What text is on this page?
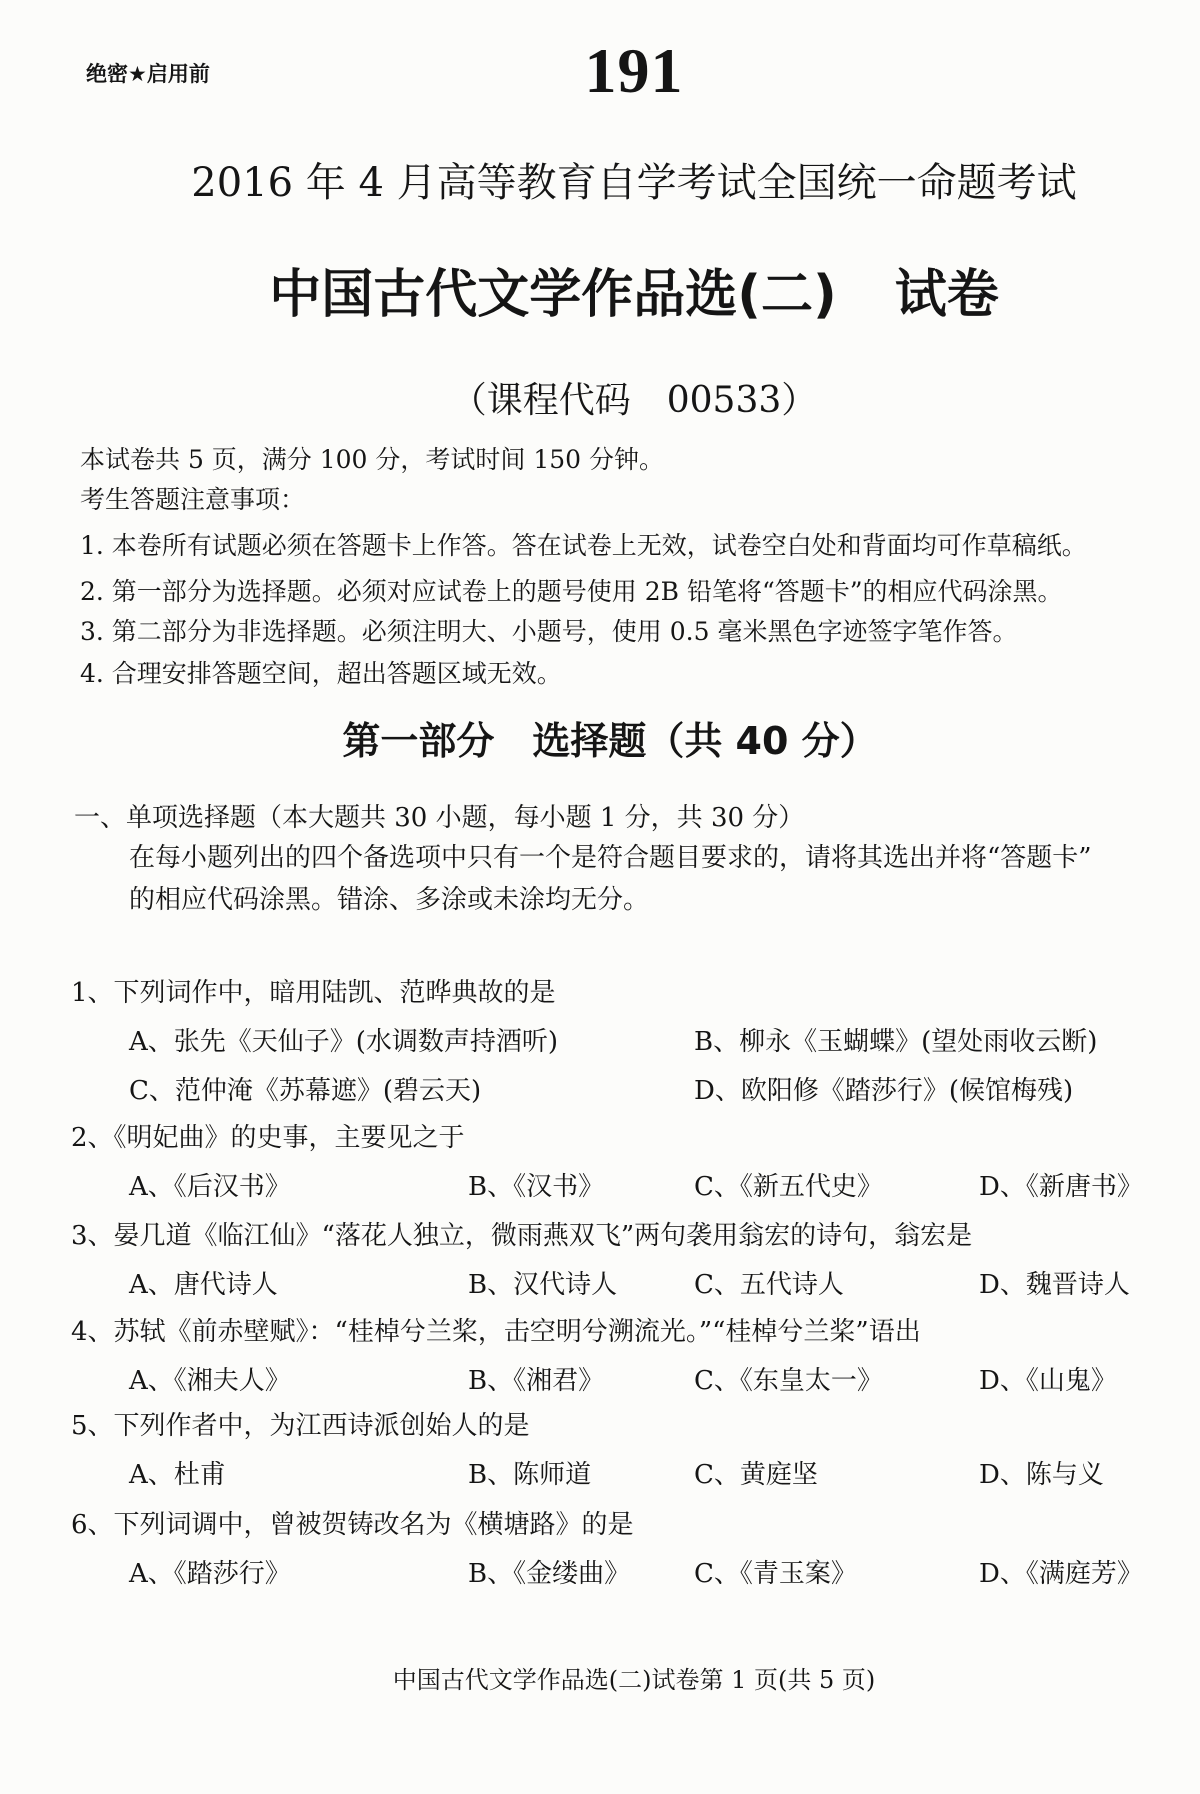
绝密★启用前	191
2016 年 4 月高等教育自学考试全国统一命题考试
中国古代文学作品选(二) 试卷
（课程代码　00533）
本试卷共 5 页，满分 100 分，考试时间 150 分钟。
考生答题注意事项：
1. 本卷所有试题必须在答题卡上作答。答在试卷上无效，试卷空白处和背面均可作草稿纸。
2. 第一部分为选择题。必须对应试卷上的题号使用 2B 铅笔将“答题卡”的相应代码涂黑。
3. 第二部分为非选择题。必须注明大、小题号，使用 0.5 毫米黑色字迹签字笔作答。
4. 合理安排答题空间，超出答题区域无效。
第一部分　选择题（共 40 分）
一、单项选择题（本大题共 30 小题，每小题 1 分，共 30 分）
在每小题列出的四个备选项中只有一个是符合题目要求的，请将其选出并将“答题卡”
的相应代码涂黑。错涂、多涂或未涂均无分。
1、下列词作中，暗用陆凯、范晔典故的是
A、张先《天仙子》(水调数声持酒听)	B、柳永《玉蝴蝶》(望处雨收云断)
C、范仲淹《苏幕遮》(碧云天)	D、欧阳修《踏莎行》(候馆梅残)
2、《明妃曲》的史事，主要见之于
A、《后汉书》	B、《汉书》	C、《新五代史》	D、《新唐书》
3、晏几道《临江仙》“落花人独立，微雨燕双飞”两句袭用翁宏的诗句，翁宏是
A、唐代诗人	B、汉代诗人	C、五代诗人	D、魏晋诗人
4、苏轼《前赤壁赋》：“桂棹兮兰桨，击空明兮溯流光。”“桂棹兮兰桨”语出
A、《湘夫人》	B、《湘君》	C、《东皇太一》	D、《山鬼》
5、下列作者中，为江西诗派创始人的是
A、杜甫	B、陈师道	C、黄庭坚	D、陈与义
6、下列词调中，曾被贺铸改名为《横塘路》的是
A、《踏莎行》	B、《金缕曲》 C、《青玉案》	D、《满庭芳》
中国古代文学作品选(二)试卷第 1 页(共 5 页)
